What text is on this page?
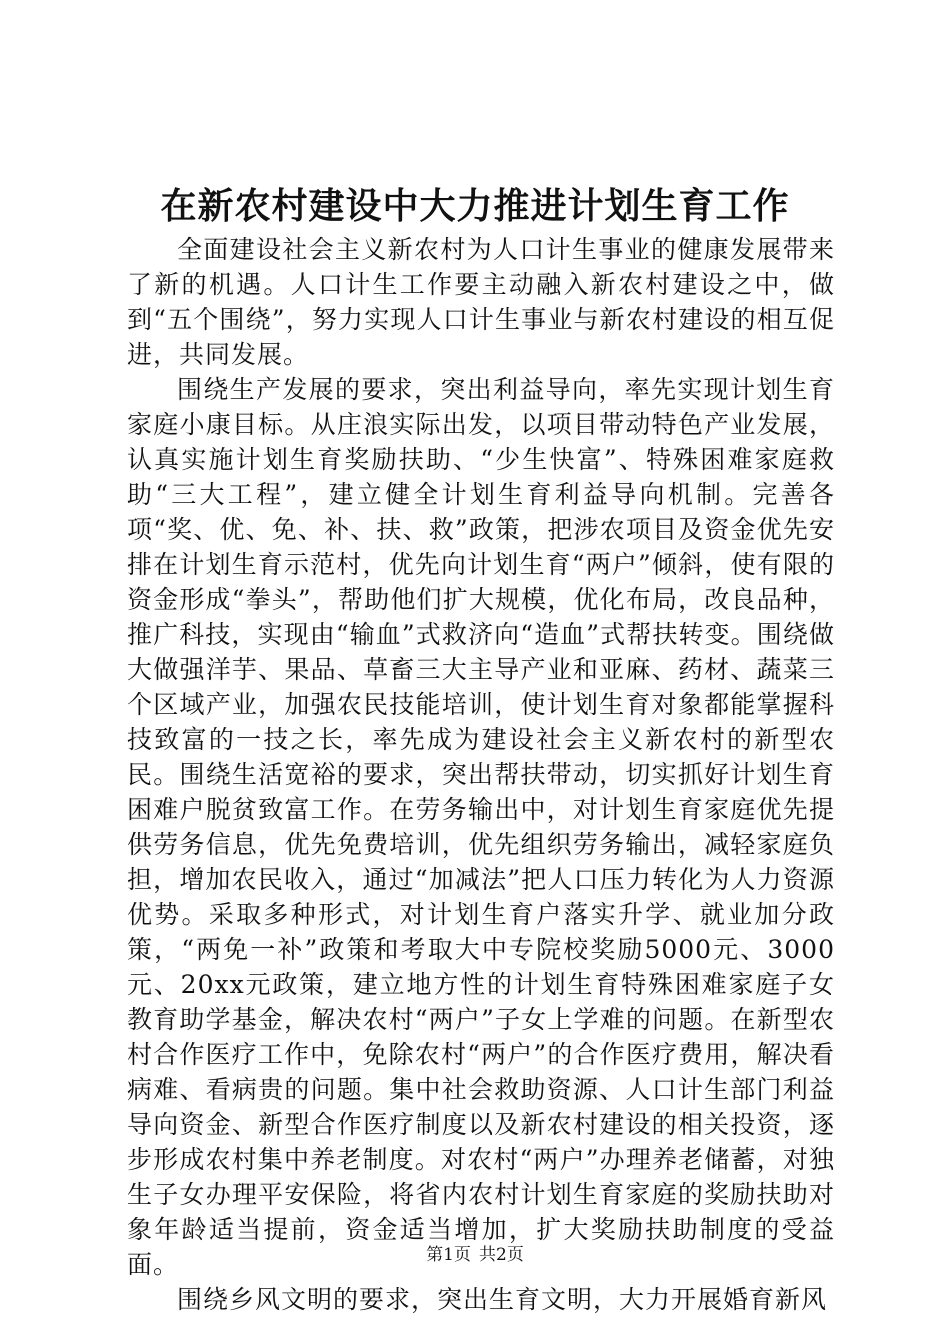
在新农村建设中大力推进计划生育工作

全面建设社会主义新农村为人口计生事业的健康发展带来了新的机遇。人口计生工作要主动融入新农村建设之中，做到“五个围绕”，努力实现人口计生事业与新农村建设的相互促进，共同发展。

围绕生产发展的要求，突出利益导向，率先实现计划生育家庭小康目标。从庄浪实际出发，以项目带动特色产业发展，认真实施计划生育奖励扶助、“少生快富”、特殊困难家庭救助“三大工程”，建立健全计划生育利益导向机制。完善各项“奖、优、免、补、扶、救”政策，把涉农项目及资金优先安排在计划生育示范村，优先向计划生育“两户”倾斜，使有限的资金形成“拳头”，帮助他们扩大规模，优化布局，改良品种，推广科技，实现由“输血”式救济向“造血”式帮扶转变。围绕做大做强洋芋、果品、草畜三大主导产业和亚麻、药材、蔬菜三个区域产业，加强农民技能培训，使计划生育对象都能掌握科技致富的一技之长，率先成为建设社会主义新农村的新型农民。围绕生活宽裕的要求，突出帮扶带动，切实抓好计划生育困难户脱贫致富工作。在劳务输出中，对计划生育家庭优先提供劳务信息，优先免费培训，优先组织劳务输出，减轻家庭负担，增加农民收入，通过“加减法”把人口压力转化为人力资源优势。采取多种形式，对计划生育户落实升学、就业加分政策，“两免一补”政策和考取大中专院校奖励5000元、3000元、20xx元政策，建立地方性的计划生育特殊困难家庭子女教育助学基金，解决农村“两户”子女上学难的问题。在新型农村合作医疗工作中，免除农村“两户”的合作医疗费用，解决看病难、看病贵的问题。集中社会救助资源、人口计生部门利益导向资金、新型合作医疗制度以及新农村建设的相关投资，逐步形成农村集中养老制度。对农村“两户”办理养老储蓄，对独生子女办理平安保险，将省内农村计划生育家庭的奖励扶助对象年龄适当提前，资金适当增加，扩大奖励扶助制度的受益面。

围绕乡风文明的要求，突出生育文明，大力开展婚育新风

第1页 共2页
